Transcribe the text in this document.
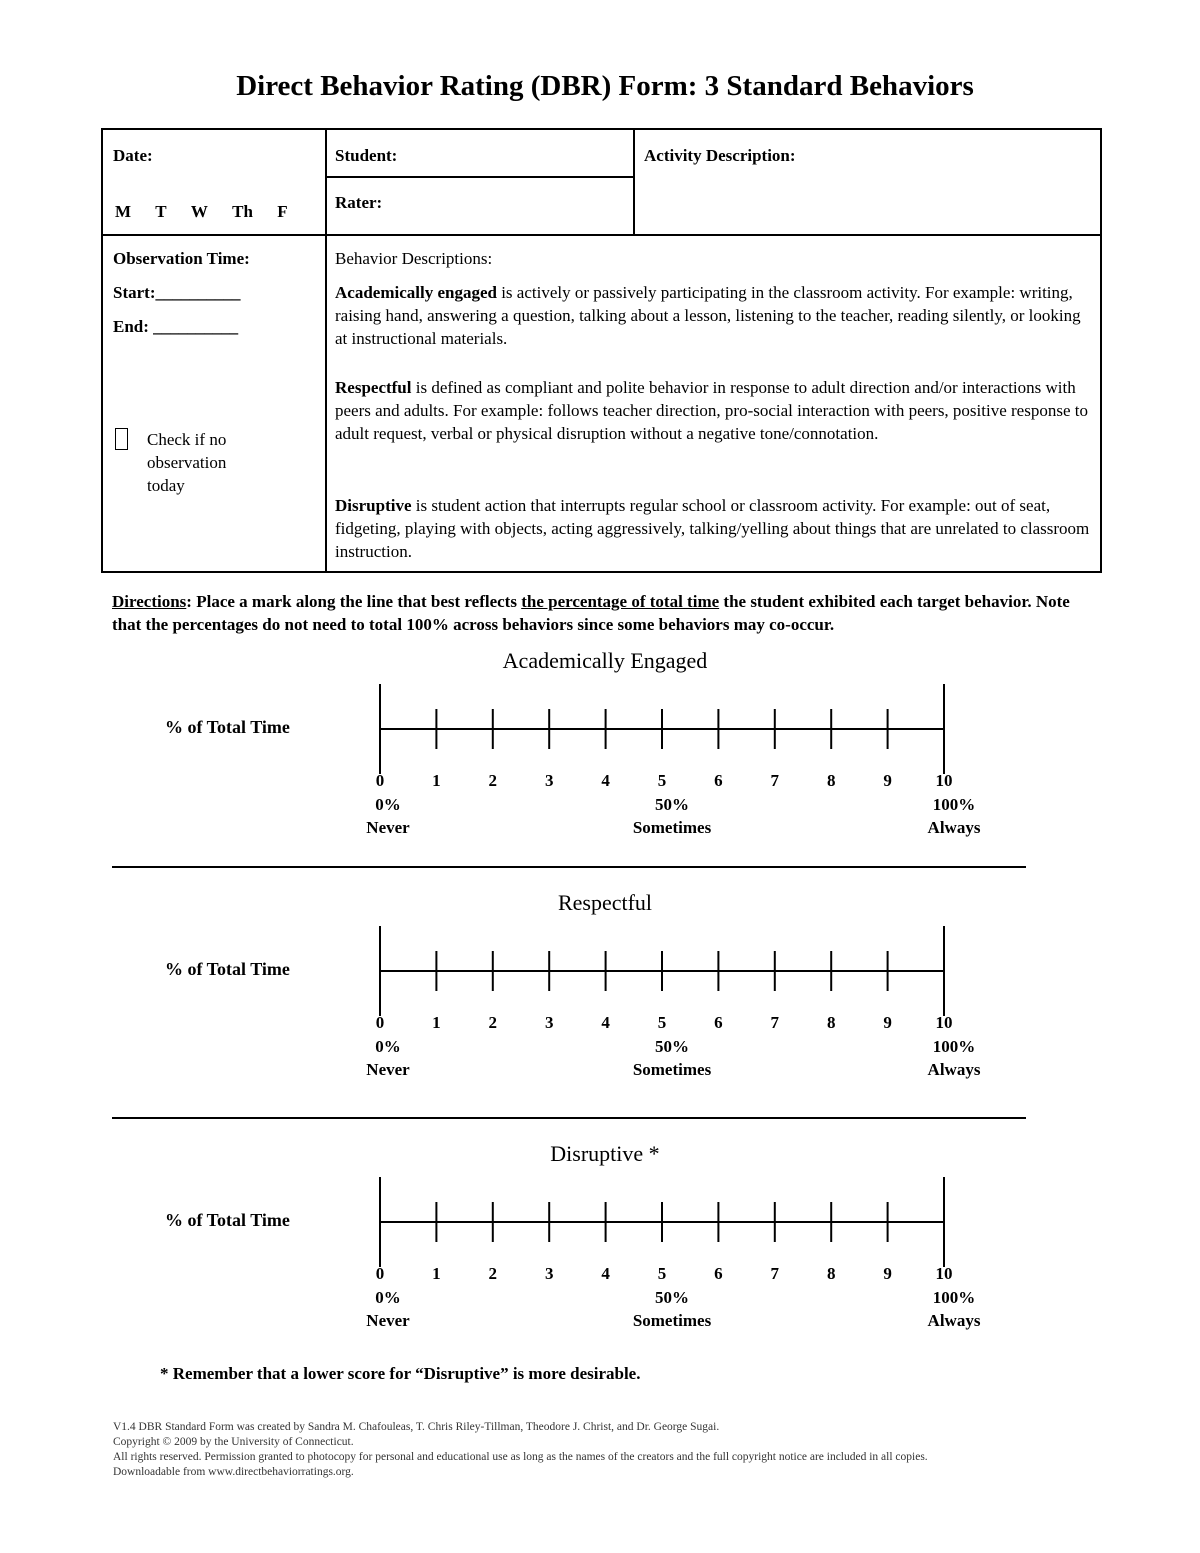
Direct Behavior Rating (DBR) Form: 3 Standard Behaviors
Date:
M T W Th F
Student:
Rater:
Activity Description:
Observation Time:
Start:__________
End: __________
Check if no observation today
Behavior Descriptions:
Academically engaged is actively or passively participating in the classroom activity. For example: writing, raising hand, answering a question, talking about a lesson, listening to the teacher, reading silently, or looking at instructional materials.
Respectful is defined as compliant and polite behavior in response to adult direction and/or interactions with peers and adults. For example: follows teacher direction, pro-social interaction with peers, positive response to adult request, verbal or physical disruption without a negative tone/connotation.
Disruptive is student action that interrupts regular school or classroom activity. For example: out of seat, fidgeting, playing with objects, acting aggressively, talking/yelling about things that are unrelated to classroom instruction.
Directions: Place a mark along the line that best reflects the percentage of total time the student exhibited each target behavior. Note that the percentages do not need to total 100% across behaviors since some behaviors may co-occur.
Academically Engaged
% of Total Time
0	1	2	3	4	5	6	7	8	9	10
0%
Never
50%
Sometimes
100%
Always
Respectful
% of Total Time
0	1	2	3	4	5	6	7	8	9	10
0%
Never
50%
Sometimes
100%
Always
Disruptive *
% of Total Time
0	1	2	3	4	5	6	7	8	9	10
0%
Never
50%
Sometimes
100%
Always
* Remember that a lower score for “Disruptive” is more desirable.
V1.4 DBR Standard Form was created by Sandra M. Chafouleas, T. Chris Riley-Tillman, Theodore J. Christ, and Dr. George Sugai.
Copyright © 2009 by the University of Connecticut.
All rights reserved. Permission granted to photocopy for personal and educational use as long as the names of the creators and the full copyright notice are included in all copies.
Downloadable from www.directbehaviorratings.org.
